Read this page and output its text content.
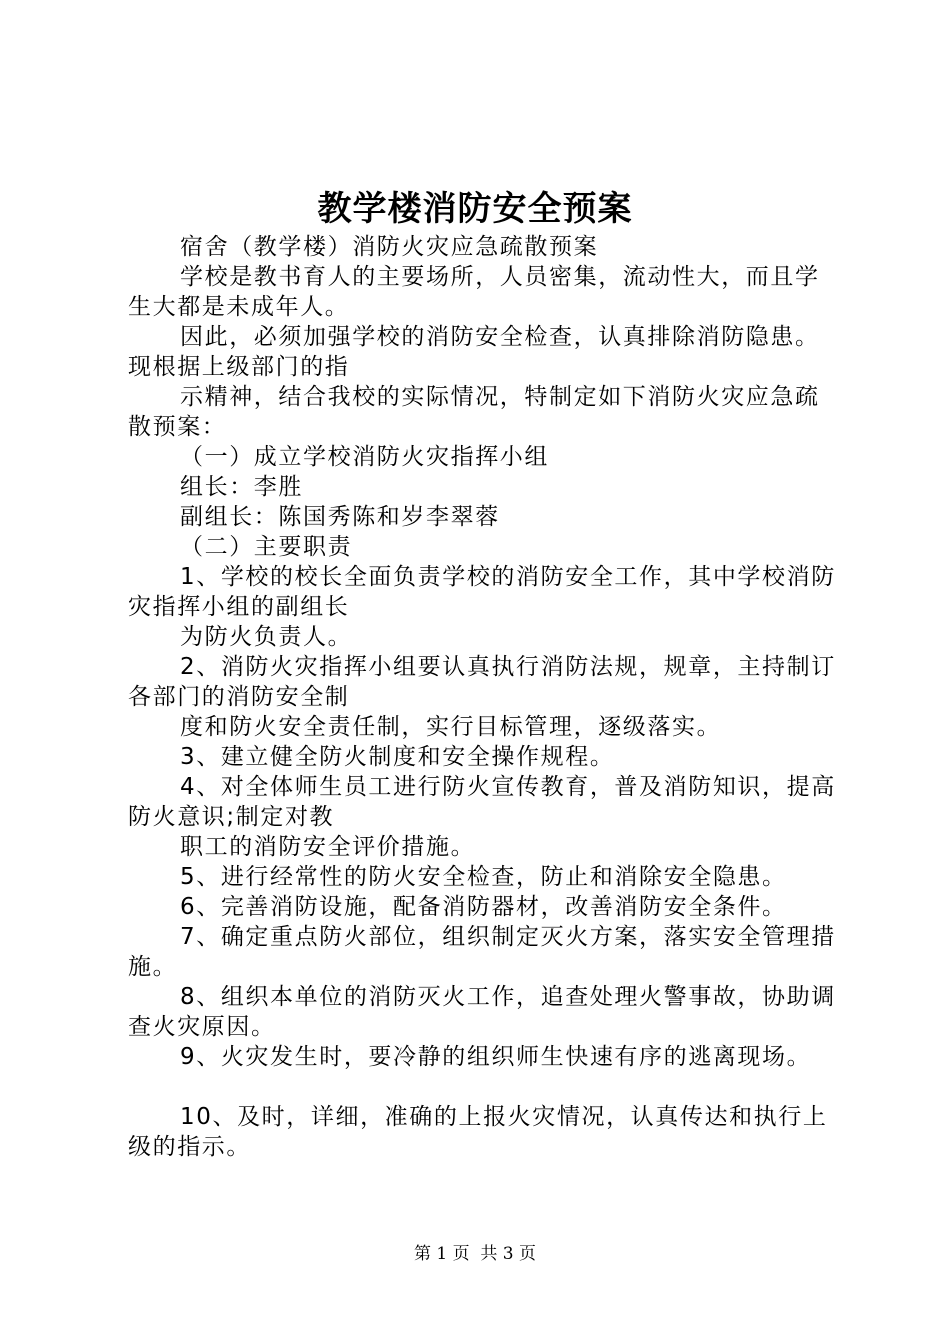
教学楼消防安全预案

宿舍（教学楼）消防火灾应急疏散预案

学校是教书育人的主要场所，人员密集，流动性大，而且学生大都是未成年人。

因此，必须加强学校的消防安全检查，认真排除消防隐患。现根据上级部门的指

示精神，结合我校的实际情况，特制定如下消防火灾应急疏散预案：

（一）成立学校消防火灾指挥小组

组长：李胜

副组长：陈国秀陈和岁李翠蓉

（二）主要职责

1、学校的校长全面负责学校的消防安全工作，其中学校消防灾指挥小组的副组长

为防火负责人。

2、消防火灾指挥小组要认真执行消防法规，规章，主持制订各部门的消防安全制

度和防火安全责任制，实行目标管理，逐级落实。

3、建立健全防火制度和安全操作规程。

4、对全体师生员工进行防火宣传教育，普及消防知识，提高防火意识;制定对教

职工的消防安全评价措施。

5、进行经常性的防火安全检查，防止和消除安全隐患。

6、完善消防设施，配备消防器材，改善消防安全条件。

7、确定重点防火部位，组织制定灭火方案，落实安全管理措施。

8、组织本单位的消防灭火工作，追查处理火警事故，协助调查火灾原因。

9、火灾发生时，要冷静的组织师生快速有序的逃离现场。

10、及时，详细，准确的上报火灾情况，认真传达和执行上级的指示。

第 1 页  共 3 页
